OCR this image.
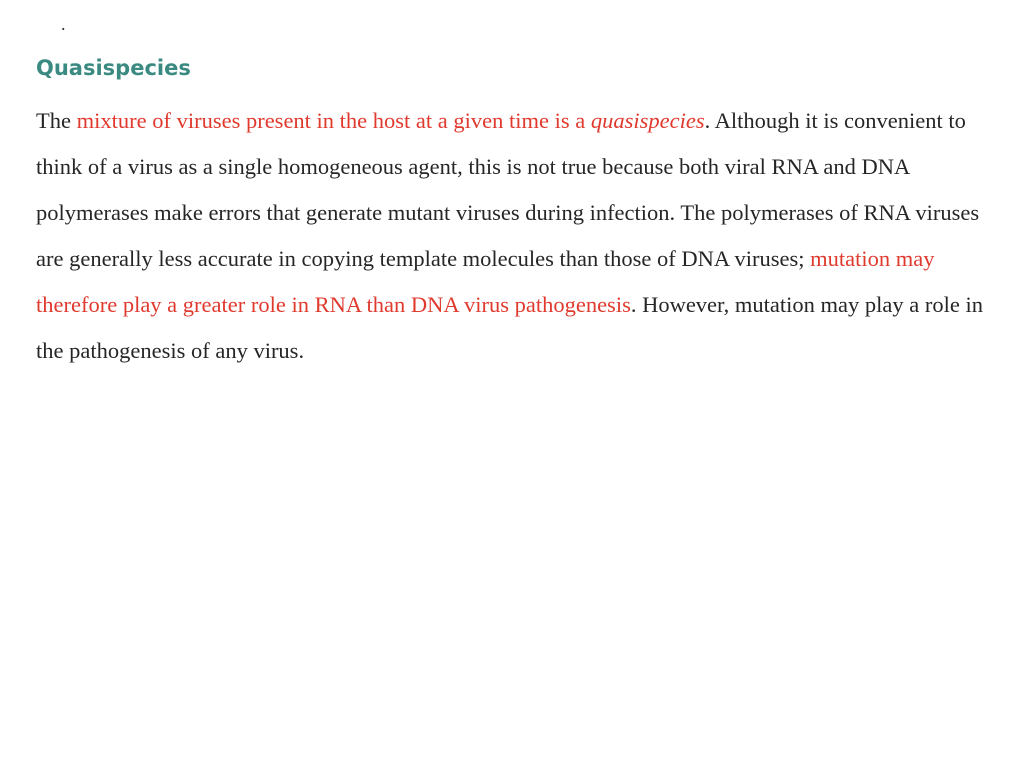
.
Quasispecies

The mixture of viruses present in the host at a given time is a quasispecies. Although it is convenient to think of a virus as a single homogeneous agent, this is not true because both viral RNA and DNA polymerases make errors that generate mutant viruses during infection. The polymerases of RNA viruses are generally less accurate in copying template molecules than those of DNA viruses; mutation may therefore play a greater role in RNA than DNA virus pathogenesis. However, mutation may play a role in the pathogenesis of any virus.
